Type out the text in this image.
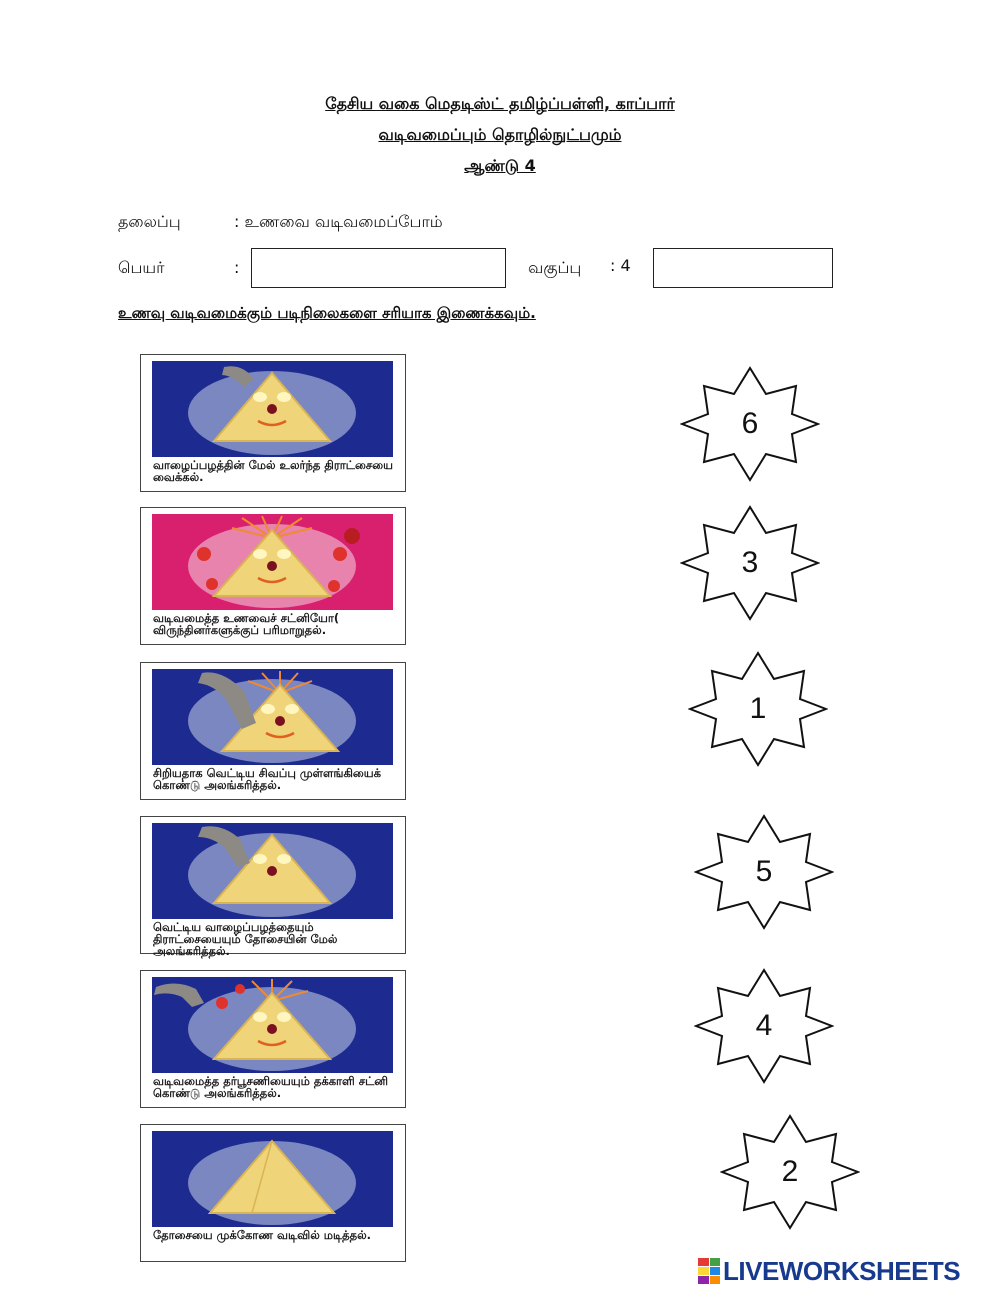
தேசிய வகை மெதடிஸ்ட் தமிழ்ப்பள்ளி, காப்பார்
வடிவமைப்பும் தொழில்நுட்பமும்
ஆண்டு 4
தலைப்பு	: உணவை வடிவமைப்போம்
பெயர்	:	வகுப்பு : 4
உணவு வடிவமைக்கும் படிநிலைகளை சரியாக இணைக்கவும்.
வாழைப்பழத்தின் மேல் உலர்ந்த திராட்சையை வைக்கல்.
வடிவமைத்த உணவைச் சட்னியோ( விருந்தினர்களுக்குப் பரிமாறுதல்.
சிறியதாக வெட்டிய சிவப்பு முள்ளங்கியைக் கொண்டு அலங்கரித்தல்.
வெட்டிய வாழைப்பழத்தையும் திராட்சையையும் தோசையின் மேல் அலங்கரித்தல்.
வடிவமைத்த தர்பூசணியையும் தக்காளி சட்னி கொண்டு அலங்கரித்தல்.
தோசையை முக்கோண வடிவில் மடித்தல்.
6
3
1
5
4
2
LIVEWORKSHEETS
